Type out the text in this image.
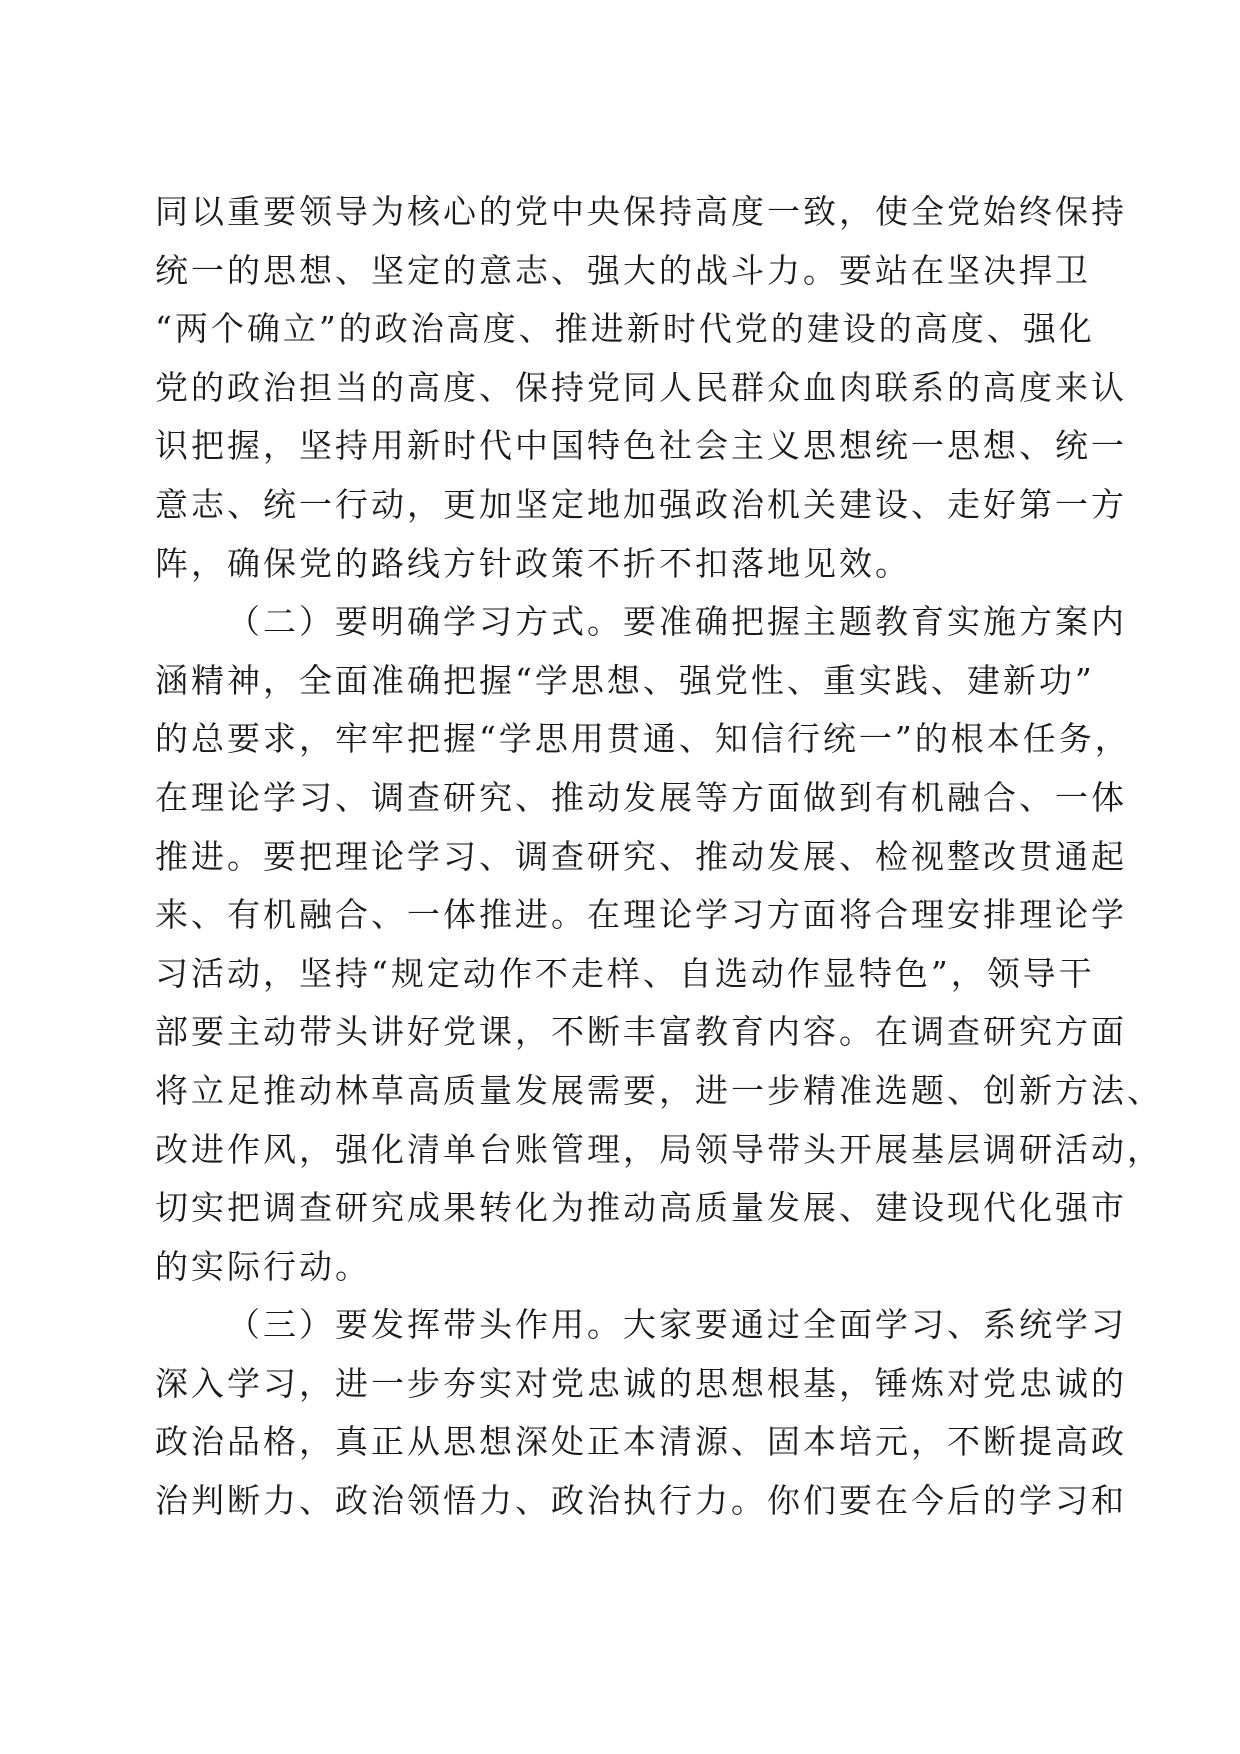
同以重要领导为核心的党中央保持高度一致，使全党始终保持
统一的思想、坚定的意志、强大的战斗力。要站在坚决捍卫
“两个确立”的政治高度、推进新时代党的建设的高度、强化
党的政治担当的高度、保持党同人民群众血肉联系的高度来认
识把握，坚持用新时代中国特色社会主义思想统一思想、统一
意志、统一行动，更加坚定地加强政治机关建设、走好第一方
阵，确保党的路线方针政策不折不扣落地见效。
（二）要明确学习方式。要准确把握主题教育实施方案内
涵精神，全面准确把握“学思想、强党性、重实践、建新功”
的总要求，牢牢把握“学思用贯通、知信行统一”的根本任务，
在理论学习、调查研究、推动发展等方面做到有机融合、一体
推进。要把理论学习、调查研究、推动发展、检视整改贯通起
来、有机融合、一体推进。在理论学习方面将合理安排理论学
习活动，坚持“规定动作不走样、自选动作显特色”，领导干
部要主动带头讲好党课，不断丰富教育内容。在调查研究方面
将立足推动林草高质量发展需要，进一步精准选题、创新方法、
改进作风，强化清单台账管理，局领导带头开展基层调研活动，
切实把调查研究成果转化为推动高质量发展、建设现代化强市
的实际行动。
（三）要发挥带头作用。大家要通过全面学习、系统学习
深入学习，进一步夯实对党忠诚的思想根基，锤炼对党忠诚的
政治品格，真正从思想深处正本清源、固本培元，不断提高政
治判断力、政治领悟力、政治执行力。你们要在今后的学习和
